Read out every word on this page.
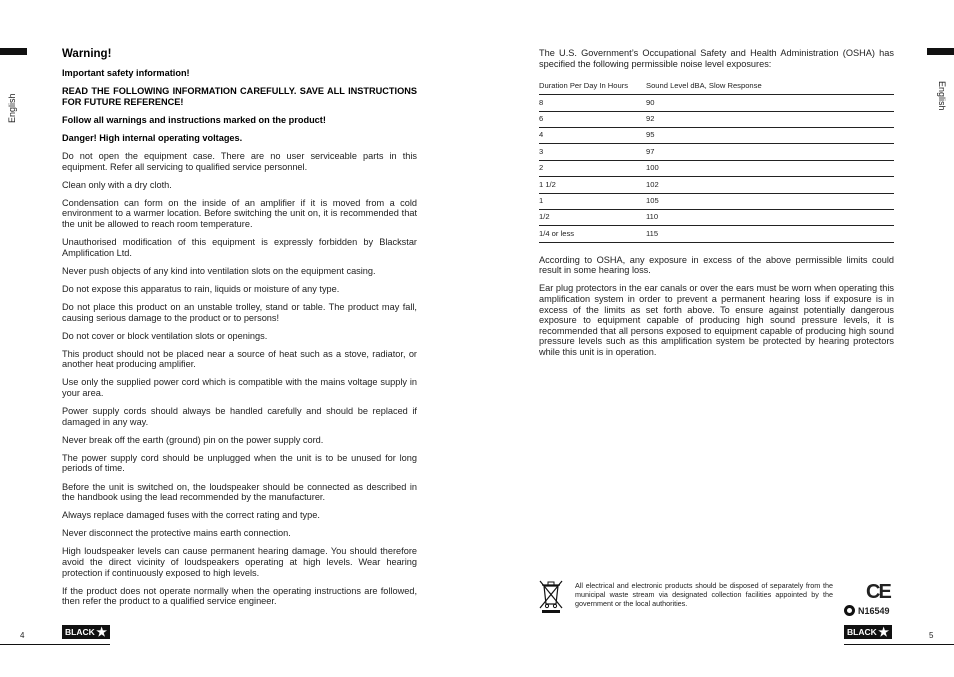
English	English
Warning!

Important safety information!

READ THE FOLLOWING INFORMATION CAREFULLY. SAVE ALL INSTRUCTIONS FOR FUTURE REFERENCE!

Follow all warnings and instructions marked on the product!

Danger! High internal operating voltages.

Do not open the equipment case. There are no user serviceable parts in this equipment. Refer all servicing to qualified service personnel.

Clean only with a dry cloth.

Condensation can form on the inside of an amplifier if it is moved from a cold environment to a warmer location. Before switching the unit on, it is recommended that the unit be allowed to reach room temperature.

Unauthorised modification of this equipment is expressly forbidden by Blackstar Amplification Ltd.

Never push objects of any kind into ventilation slots on the equipment casing.

Do not expose this apparatus to rain, liquids or moisture of any type.

Do not place this product on an unstable trolley, stand or table. The product may fall, causing serious damage to the product or to persons!

Do not cover or block ventilation slots or openings.

This product should not be placed near a source of heat such as a stove, radiator, or another heat producing amplifier.

Use only the supplied power cord which is compatible with the mains voltage supply in your area.

Power supply cords should always be handled carefully and should be replaced if damaged in any way.

Never break off the earth (ground) pin on the power supply cord.

The power supply cord should be unplugged when the unit is to be unused for long periods of time.

Before the unit is switched on, the loudspeaker should be connected as described in the handbook using the lead recommended by the manufacturer.

Always replace damaged fuses with the correct rating and type.

Never disconnect the protective mains earth connection.

High loudspeaker levels can cause permanent hearing damage. You should therefore avoid the direct vicinity of loudspeakers operating at high levels. Wear hearing protection if continuously exposed to high levels.

If the product does not operate normally when the operating instructions are followed, then refer the product to a qualified service engineer.

The U.S. Government’s Occupational Safety and Health Administration (OSHA) has specified the following permissible noise level exposures:

Duration Per Day In Hours	Sound Level dBA, Slow Response
8	90
6	92
4	95
3	97
2	100
1 1/2	102
1	105
1/2	110
1/4 or less	115

According to OSHA, any exposure in excess of the above permissible limits could result in some hearing loss.

Ear plug protectors in the ear canals or over the ears must be worn when operating this amplification system in order to prevent a permanent hearing loss if exposure is in excess of the limits as set forth above. To ensure against potentially dangerous exposure to equipment capable of producing high sound pressure levels, it is recommended that all persons exposed to equipment capable of producing high sound pressure levels such as this amplification system be protected by hearing protectors while this unit is in operation.

All electrical and electronic products should be disposed of separately from the municipal waste stream via designated collection facilities appointed by the government or the local authorities.
CE
N16549
4	5
BLACK ★	BLACK ★
